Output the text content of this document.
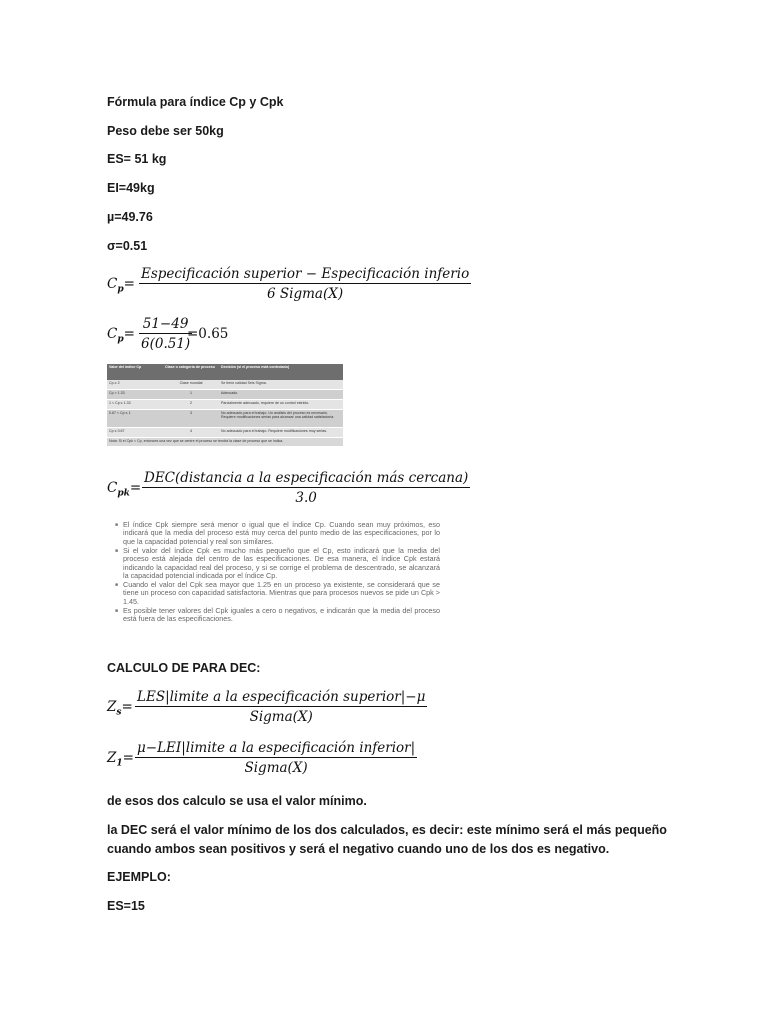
Fórmula para índice Cp y Cpk
Peso debe ser 50kg
ES= 51 kg
EI=49kg
µ=49.76
σ=0.51
$C_p=$
Especificación superior − Especificación inferio
6 Sigma(X)
$C_p=$
51−49
6(0.51)
=0.65
Valor del índice Cp	Clase o categoría de proceso	Decisión (si el proceso está controlado)
Cp ≥ 2	Clase mundial	Se tiene calidad Seis Sigma.
Cp > 1.33	1	Adecuado.
1 < Cp ≤ 1.33	2	Parcialmente adecuado, requiere de un control estricto.
0.67 < Cp ≤ 1	3	No adecuado para el trabajo. Un análisis del proceso es necesario. Requiere modificaciones serias para alcanzar una calidad satisfactoria.
Cp ≤ 0.67	4	No adecuado para el trabajo. Requiere modificaciones muy serias.
Nota: Si el Cpk < Cp, entonces una vez que se centre el proceso se tendrá la clase de proceso que se indica.		
$C_{pk}=$
DEC(distancia a la especificación más cercana)
3.0
■ El índice Cpk siempre será menor o igual que el índice Cp. Cuando sean muy próximos, eso indicará que la media del proceso está muy cerca del punto medio de las especificaciones, por lo que la capacidad potencial y real son similares.
■ Si el valor del índice Cpk es mucho más pequeño que el Cp, esto indicará que la media del proceso está alejada del centro de las especificaciones. De esa manera, el índice Cpk estará indicando la capacidad real del proceso, y si se corrige el problema de descentrado, se alcanzará la capacidad potencial indicada por el índice Cp.
■ Cuando el valor del Cpk sea mayor que 1.25 en un proceso ya existente, se considerará que se tiene un proceso con capacidad satisfactoria. Mientras que para procesos nuevos se pide un Cpk > 1.45.
■ Es posible tener valores del Cpk iguales a cero o negativos, e indicarán que la media del proceso está fuera de las especificaciones.
CALCULO DE PARA DEC:
$Z_s=$
LES|limite a la especificación superior|−μ
Sigma(X)
$Z_1=$
μ−LEI|limite a la especificación inferior|
Sigma(X)
de esos dos calculo se usa el valor mínimo.
la DEC será el valor mínimo de los dos calculados, es decir: este mínimo será el más pequeño
cuando ambos sean positivos y será el negativo cuando uno de los dos es negativo.
EJEMPLO:
ES=15
